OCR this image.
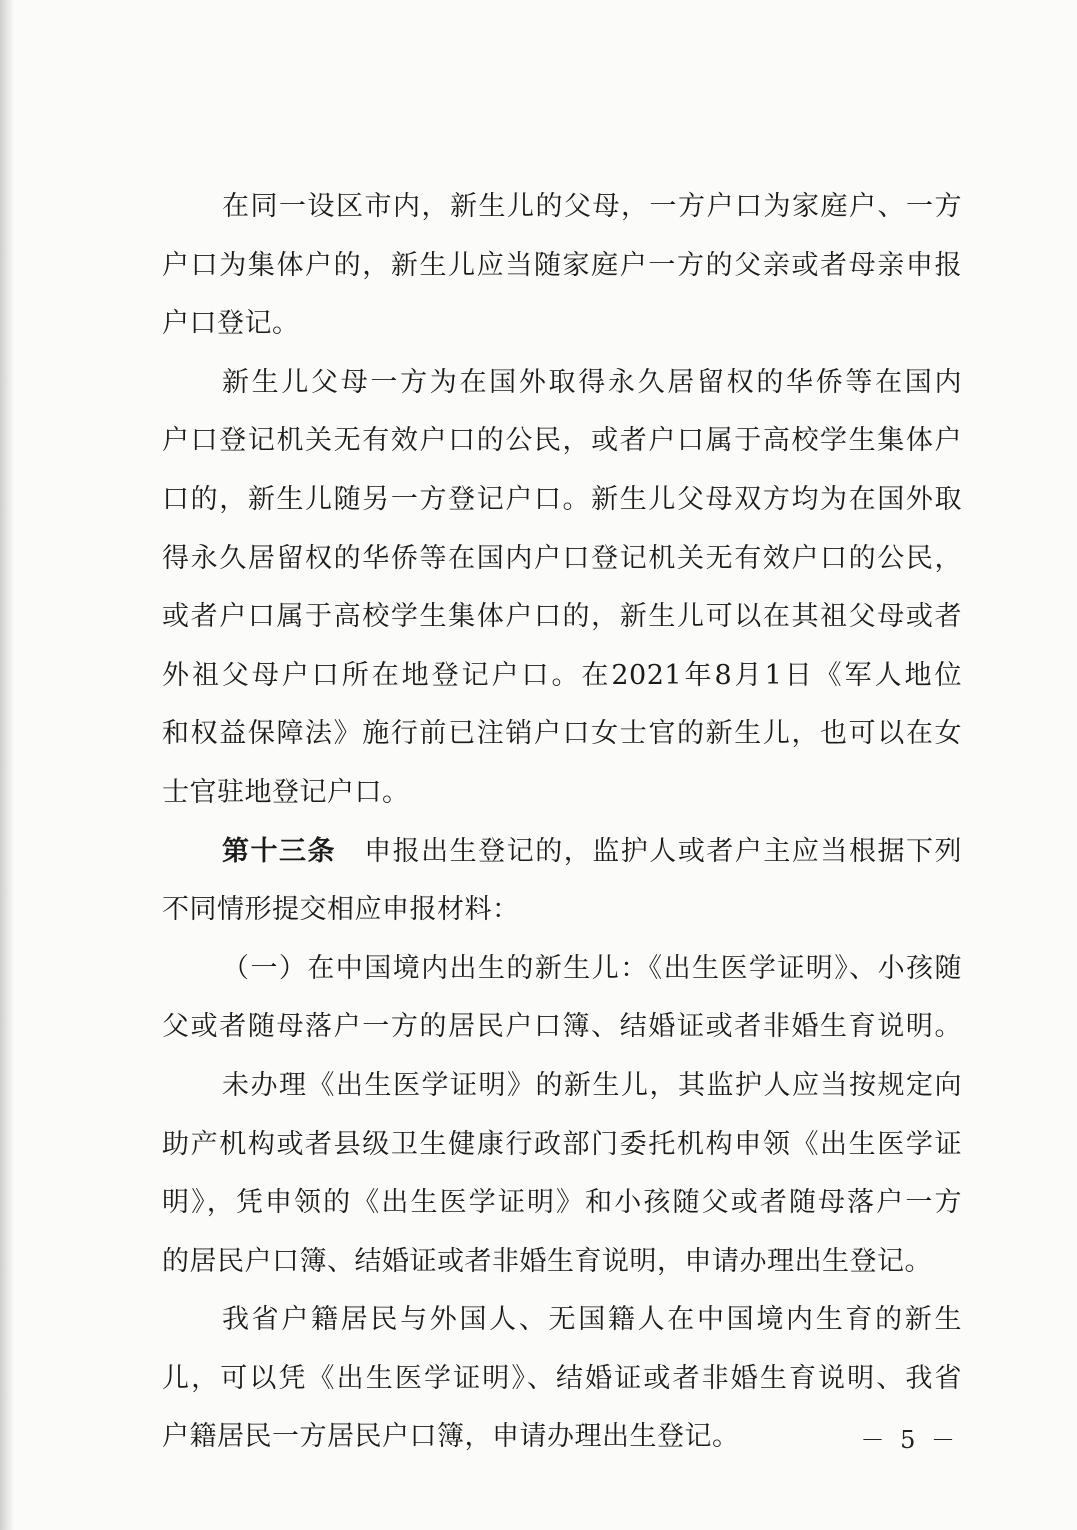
在同一设区市内，新生儿的父母，一方户口为家庭户、一方
户口为集体户的，新生儿应当随家庭户一方的父亲或者母亲申报
户口登记。
新生儿父母一方为在国外取得永久居留权的华侨等在国内
户口登记机关无有效户口的公民，或者户口属于高校学生集体户
口的，新生儿随另一方登记户口。新生儿父母双方均为在国外取
得永久居留权的华侨等在国内户口登记机关无有效户口的公民，
或者户口属于高校学生集体户口的，新生儿可以在其祖父母或者
外祖父母户口所在地登记户口。在2021年8月1日《军人地位
和权益保障法》施行前已注销户口女士官的新生儿，也可以在女
士官驻地登记户口。
第十三条 申报出生登记的，监护人或者户主应当根据下列
不同情形提交相应申报材料：
（一）在中国境内出生的新生儿：《出生医学证明》、小孩随
父或者随母落户一方的居民户口簿、结婚证或者非婚生育说明。
未办理《出生医学证明》的新生儿，其监护人应当按规定向
助产机构或者县级卫生健康行政部门委托机构申领《出生医学证
明》，凭申领的《出生医学证明》和小孩随父或者随母落户一方
的居民户口簿、结婚证或者非婚生育说明，申请办理出生登记。
我省户籍居民与外国人、无国籍人在中国境内生育的新生
儿，可以凭《出生医学证明》、结婚证或者非婚生育说明、我省
户籍居民一方居民户口簿，申请办理出生登记。	－ 5 －
